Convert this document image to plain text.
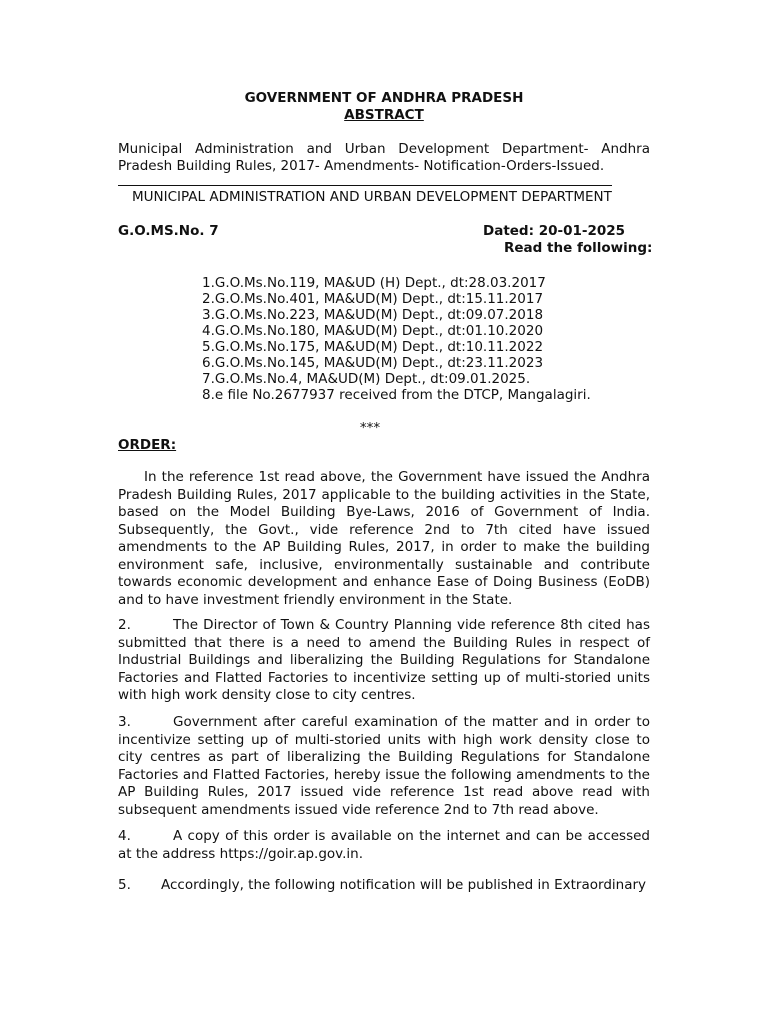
GOVERNMENT OF ANDHRA PRADESH
ABSTRACT
Municipal Administration and Urban Development Department- Andhra Pradesh Building Rules, 2017- Amendments- Notification-Orders-Issued.
MUNICIPAL ADMINISTRATION AND URBAN DEVELOPMENT DEPARTMENT
G.O.MS.No. 7	Dated: 20-01-2025
Read the following:
1.G.O.Ms.No.119, MA&UD (H) Dept., dt:28.03.2017
2.G.O.Ms.No.401, MA&UD(M) Dept., dt:15.11.2017
3.G.O.Ms.No.223, MA&UD(M) Dept., dt:09.07.2018
4.G.O.Ms.No.180, MA&UD(M) Dept., dt:01.10.2020
5.G.O.Ms.No.175, MA&UD(M) Dept., dt:10.11.2022
6.G.O.Ms.No.145, MA&UD(M) Dept., dt:23.11.2023
7.G.O.Ms.No.4, MA&UD(M) Dept., dt:09.01.2025.
8.e file No.2677937 received from the DTCP, Mangalagiri.
***
ORDER:
In the reference 1st read above, the Government have issued the Andhra Pradesh Building Rules, 2017 applicable to the building activities in the State, based on the Model Building Bye-Laws, 2016 of Government of India. Subsequently, the Govt., vide reference 2nd to 7th cited have issued amendments to the AP Building Rules, 2017, in order to make the building environment safe, inclusive, environmentally sustainable and contribute towards economic development and enhance Ease of Doing Business (EoDB) and to have investment friendly environment in the State.
2.	The Director of Town & Country Planning vide reference 8th cited has submitted that there is a need to amend the Building Rules in respect of Industrial Buildings and liberalizing the Building Regulations for Standalone Factories and Flatted Factories to incentivize setting up of multi-storied units with high work density close to city centres.
3.	Government after careful examination of the matter and in order to incentivize setting up of multi-storied units with high work density close to city centres as part of liberalizing the Building Regulations for Standalone Factories and Flatted Factories, hereby issue the following amendments to the AP Building Rules, 2017 issued vide reference 1st read above read with subsequent amendments issued vide reference 2nd to 7th read above.
4.	A copy of this order is available on the internet and can be accessed at the address https://goir.ap.gov.in.
5. Accordingly, the following notification will be published in Extraordinary
